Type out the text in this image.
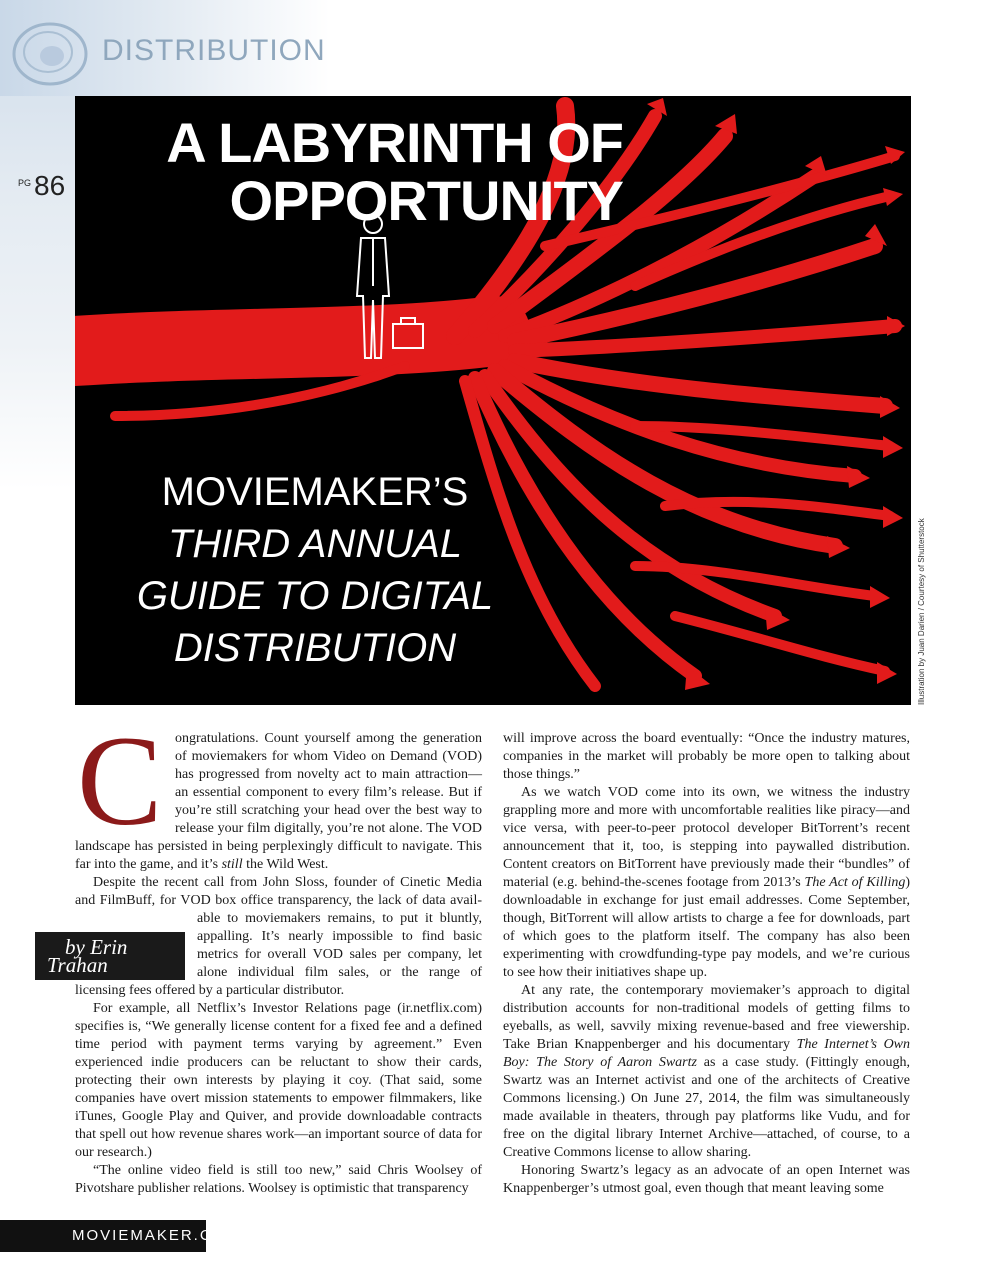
DISTRIBUTION
$^{PG}$ 86
A LABYRINTH OF
OPPORTUNITY
MOVIEMAKER’S
THIRD ANNUAL
GUIDE TO DIGITAL
DISTRIBUTION	Illustration by Juan Darien / Courtesy of Shutterstock
C ongratulations. Count yourself among the generation of moviemakers for whom Video on Demand (VOD) has progressed from novelty act to main attraction—an essential component to every film’s release. But if you’re still scratching your head over the best way to release your film digitally, you’re not alone. The VOD landscape has persisted in being perplexingly difficult to navigate. This far into the game, and it’s still the Wild West.

Despite the recent call from John Sloss, founder of Cinetic Media and FilmBuff, for VOD box office transparency, the lack of data avail-
by Erin Trahan
able to moviemakers remains, to put it bluntly, appalling. It’s nearly impossible to find basic metrics for overall VOD sales per company, let alone individual film sales, or the range of licensing fees offered by a particular distributor.

For example, all Netflix’s Investor Relations page (ir.netflix.com) specifies is, “We generally license content for a fixed fee and a defined time period with payment terms varying by agreement.” Even experienced indie producers can be reluctant to show their cards, protecting their own interests by playing it coy. (That said, some companies have overt mission statements to empower filmmakers, like iTunes, Google Play and Quiver, and provide downloadable contracts that spell out how revenue shares work—an important source of data for our research.)

“The online video field is still too new,” said Chris Woolsey of Pivotshare publisher relations. Woolsey is optimistic that transparency

will improve across the board eventually: “Once the industry matures, companies in the market will probably be more open to talking about those things.”

As we watch VOD come into its own, we witness the industry grappling more and more with uncomfortable realities like piracy—and vice versa, with peer-to-peer protocol developer BitTorrent’s recent announcement that it, too, is stepping into paywalled distribution. Content creators on BitTorrent have previously made their “bundles” of material (e.g. behind-the-scenes footage from 2013’s The Act of Killing) downloadable in exchange for just email addresses. Come September, though, BitTorrent will allow artists to charge a fee for downloads, part of which goes to the platform itself. The company has also been experimenting with crowdfunding-type pay models, and we’re curious to see how their initiatives shape up.

At any rate, the contemporary moviemaker’s approach to digital distribution accounts for non-traditional models of getting films to eyeballs, as well, savvily mixing revenue-based and free viewership. Take Brian Knappenberger and his documentary The Internet’s Own Boy: The Story of Aaron Swartz as a case study. (Fittingly enough, Swartz was an Internet activist and one of the architects of Creative Commons licensing.) On June 27, 2014, the film was simultaneously made available in theaters, through pay platforms like Vudu, and for free on the digital library Internet Archive—attached, of course, to a Creative Commons license to allow sharing.

Honoring Swartz’s legacy as an advocate of an open Internet was Knappenberger’s utmost goal, even though that meant leaving some

MOVIEMAKER.COM
